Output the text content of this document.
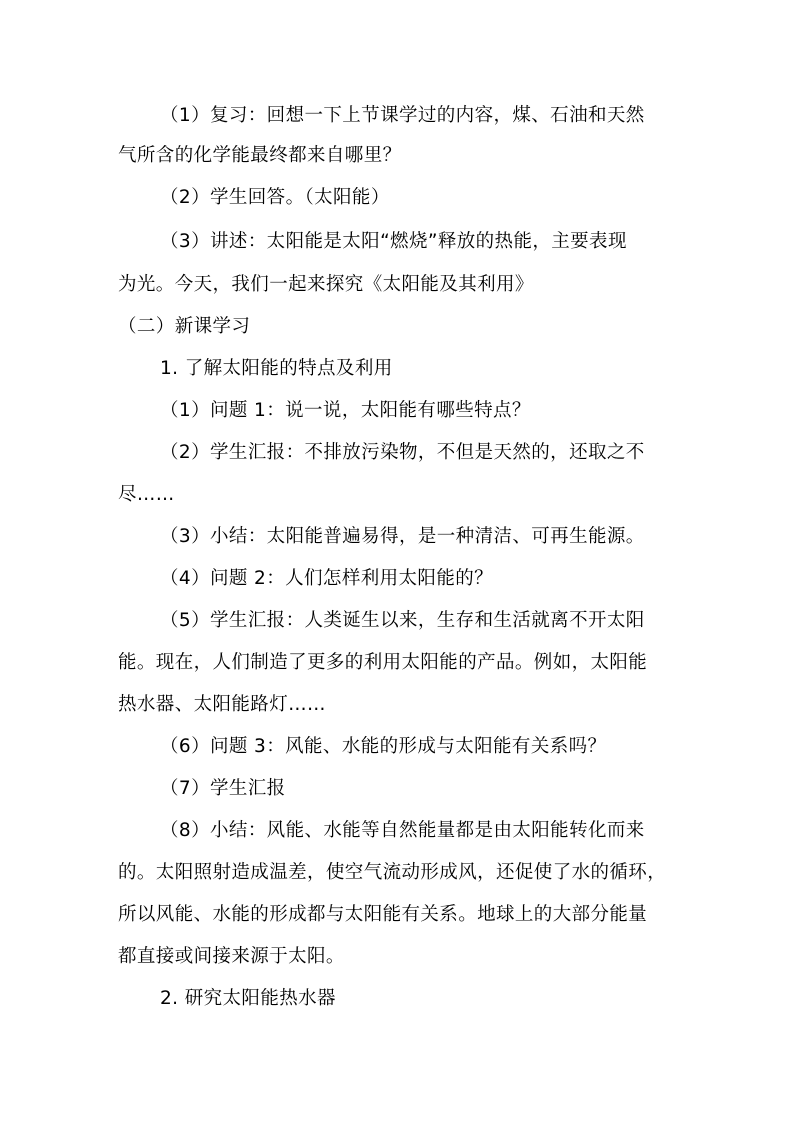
（1）复习：回想一下上节课学过的内容，煤、石油和天然
气所含的化学能最终都来自哪里？
（2）学生回答。（太阳能）
（3）讲述：太阳能是太阳“燃烧”释放的热能，主要表现
为光。今天，我们一起来探究《太阳能及其利用》
（二）新课学习
1. 了解太阳能的特点及利用
（1）问题 1：说一说，太阳能有哪些特点？
（2）学生汇报：不排放污染物，不但是天然的，还取之不
尽……
（3）小结：太阳能普遍易得，是一种清洁、可再生能源。
（4）问题 2：人们怎样利用太阳能的？
（5）学生汇报：人类诞生以来，生存和生活就离不开太阳
能。现在，人们制造了更多的利用太阳能的产品。例如，太阳能
热水器、太阳能路灯……
（6）问题 3：风能、水能的形成与太阳能有关系吗？
（7）学生汇报
（8）小结：风能、水能等自然能量都是由太阳能转化而来
的。太阳照射造成温差，使空气流动形成风，还促使了水的循环，
所以风能、水能的形成都与太阳能有关系。地球上的大部分能量
都直接或间接来源于太阳。
2. 研究太阳能热水器
